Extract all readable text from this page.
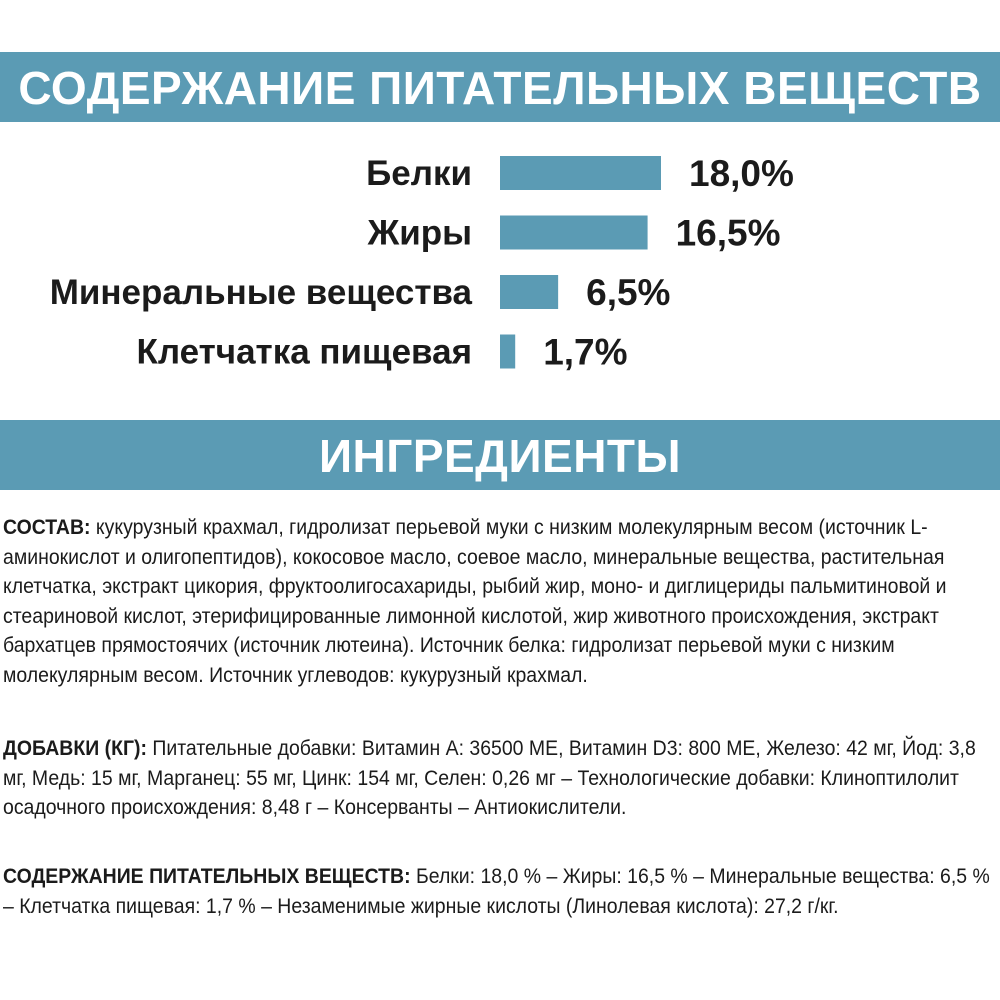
СОДЕРЖАНИЕ ПИТАТЕЛЬНЫХ ВЕЩЕСТВ
Белки	18,0%
Жиры	16,5%
Минеральные вещества	6,5%
Клетчатка пищевая 1,7%
ИНГРЕДИЕНТЫ
СОСТАВ: кукурузный крахмал, гидролизат перьевой муки с низким молекулярным весом (источник L-аминокислот и олигопептидов), кокосовое масло, соевое масло, минеральные вещества, растительная клетчатка, экстракт цикория, фруктоолигосахариды, рыбий жир, моно- и диглицериды пальмитиновой и стеариновой кислот, этерифицированные лимонной кислотой, жир животного происхождения, экстракт бархатцев прямостоячих (источник лютеина). Источник белка: гидролизат перьевой муки с низким молекулярным весом. Источник углеводов: кукурузный крахмал.
ДОБАВКИ (КГ): Питательные добавки: Витамин А: 36500 МЕ, Витамин D3: 800 МЕ, Железо: 42 мг, Йод: 3,8 мг, Медь: 15 мг, Марганец: 55 мг, Цинк: 154 мг, Селен: 0,26 мг – Технологические добавки: Клиноптилолит осадочного происхождения: 8,48 г – Консерванты – Антиокислители.
СОДЕРЖАНИЕ ПИТАТЕЛЬНЫХ ВЕЩЕСТВ: Белки: 18,0 % – Жиры: 16,5 % – Минеральные вещества: 6,5 % – Клетчатка пищевая: 1,7 % – Незаменимые жирные кислоты (Линолевая кислота): 27,2 г/кг.
